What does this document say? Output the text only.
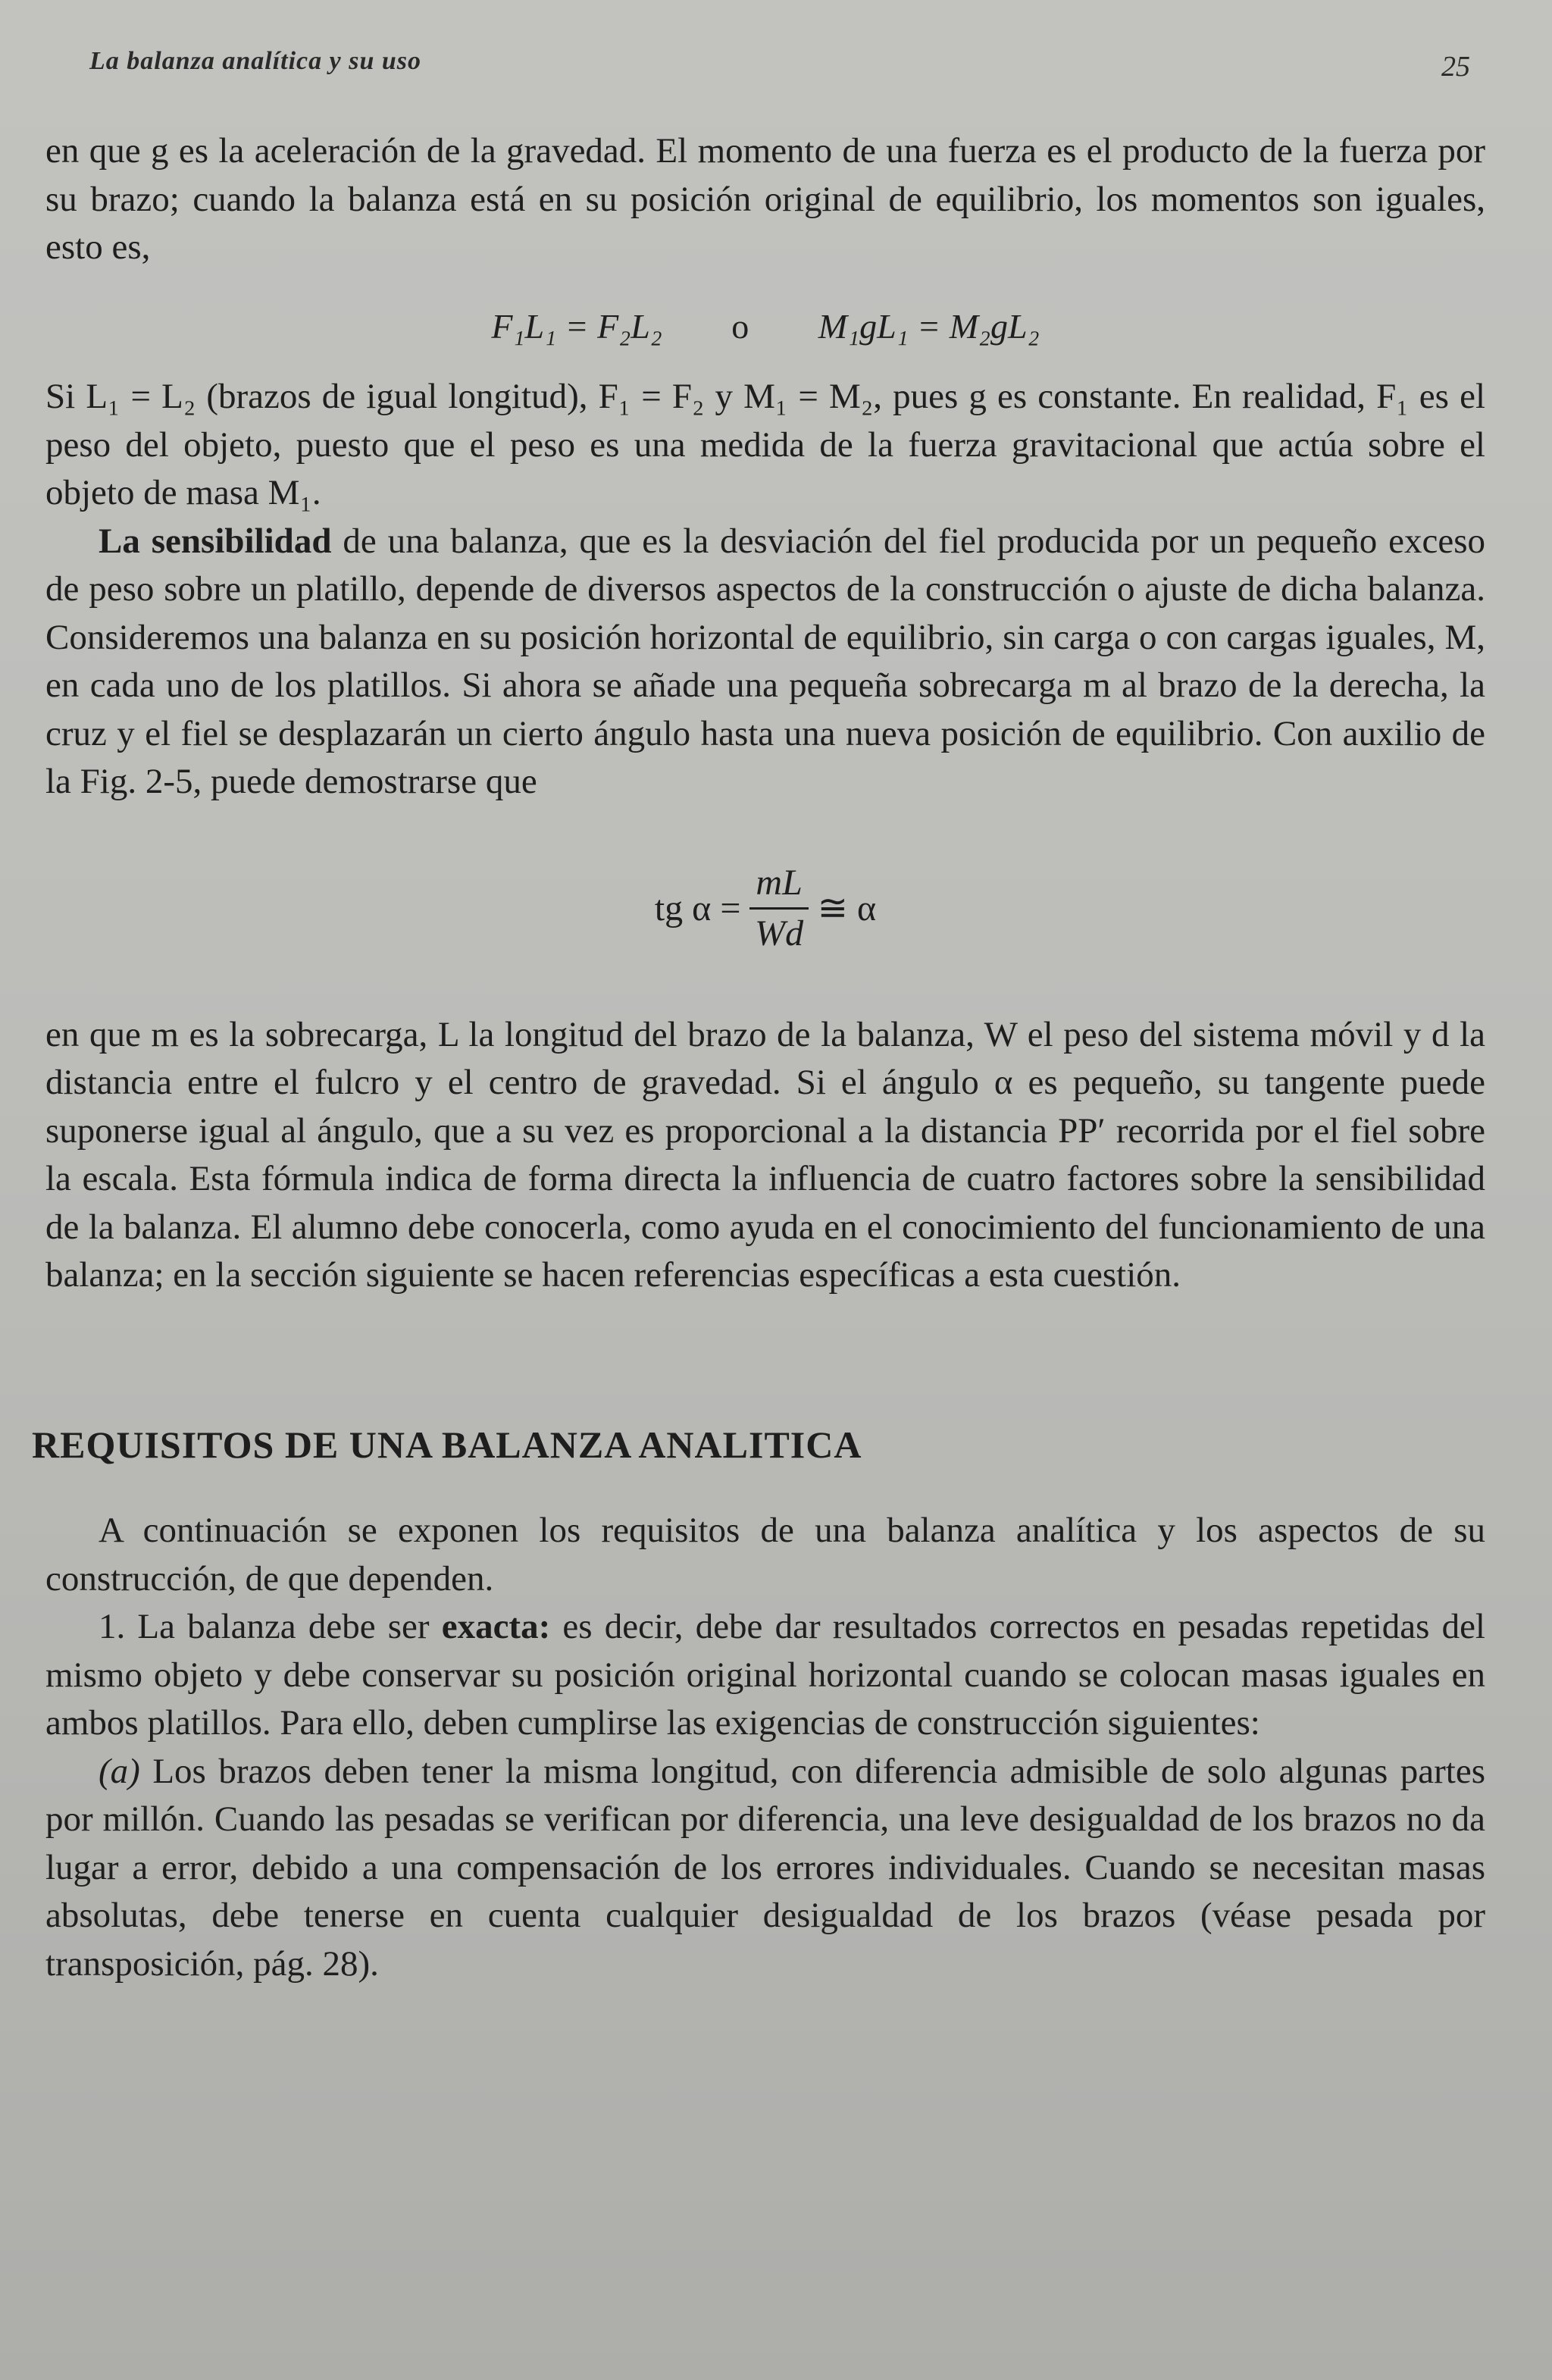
La balanza analítica y su uso	25

en que g es la aceleración de la gravedad. El momento de una fuerza es el producto de la fuerza por su brazo; cuando la balanza está en su posición original de equilibrio, los momentos son iguales, esto es,

F₁L₁ = F₂L₂ o M₁gL₁ = M₂gL₂

Si L₁ = L₂ (brazos de igual longitud), F₁ = F₂ y M₁ = M₂, pues g es constante. En realidad, F₁ es el peso del objeto, puesto que el peso es una medida de la fuerza gravitacional que actúa sobre el objeto de masa M₁.

La sensibilidad de una balanza, que es la desviación del fiel producida por un pequeño exceso de peso sobre un platillo, depende de diversos aspectos de la construcción o ajuste de dicha balanza. Consideremos una balanza en su posición horizontal de equilibrio, sin carga o con cargas iguales, M, en cada uno de los platillos. Si ahora se añade una pequeña sobrecarga m al brazo de la derecha, la cruz y el fiel se desplazarán un cierto ángulo hasta una nueva posición de equilibrio. Con auxilio de la Fig. 2-5, puede demostrarse que

tg $\alpha = \frac{mL}{Wd}$ ≅ α

en que m es la sobrecarga, L la longitud del brazo de la balanza, W el peso del sistema móvil y d la distancia entre el fulcro y el centro de gravedad. Si el ángulo α es pequeño, su tangente puede suponerse igual al ángulo, que a su vez es proporcional a la distancia PP′ recorrida por el fiel sobre la escala. Esta fórmula indica de forma directa la influencia de cuatro factores sobre la sensibilidad de la balanza. El alumno debe conocerla, como ayuda en el conocimiento del funcionamiento de una balanza; en la sección siguiente se hacen referencias específicas a esta cuestión.

REQUISITOS DE UNA BALANZA ANALITICA

A continuación se exponen los requisitos de una balanza analítica y los aspectos de su construcción, de que dependen.

1. La balanza debe ser exacta: es decir, debe dar resultados correctos en pesadas repetidas del mismo objeto y debe conservar su posición original horizontal cuando se colocan masas iguales en ambos platillos. Para ello, deben cumplirse las exigencias de construcción siguientes:

(a) Los brazos deben tener la misma longitud, con diferencia admisible de solo algunas partes por millón. Cuando las pesadas se verifican por diferencia, una leve desigualdad de los brazos no da lugar a error, debido a una compensación de los errores individuales. Cuando se necesitan masas absolutas, debe tenerse en cuenta cualquier desigualdad de los brazos (véase pesada por transposición, pág. 28).
